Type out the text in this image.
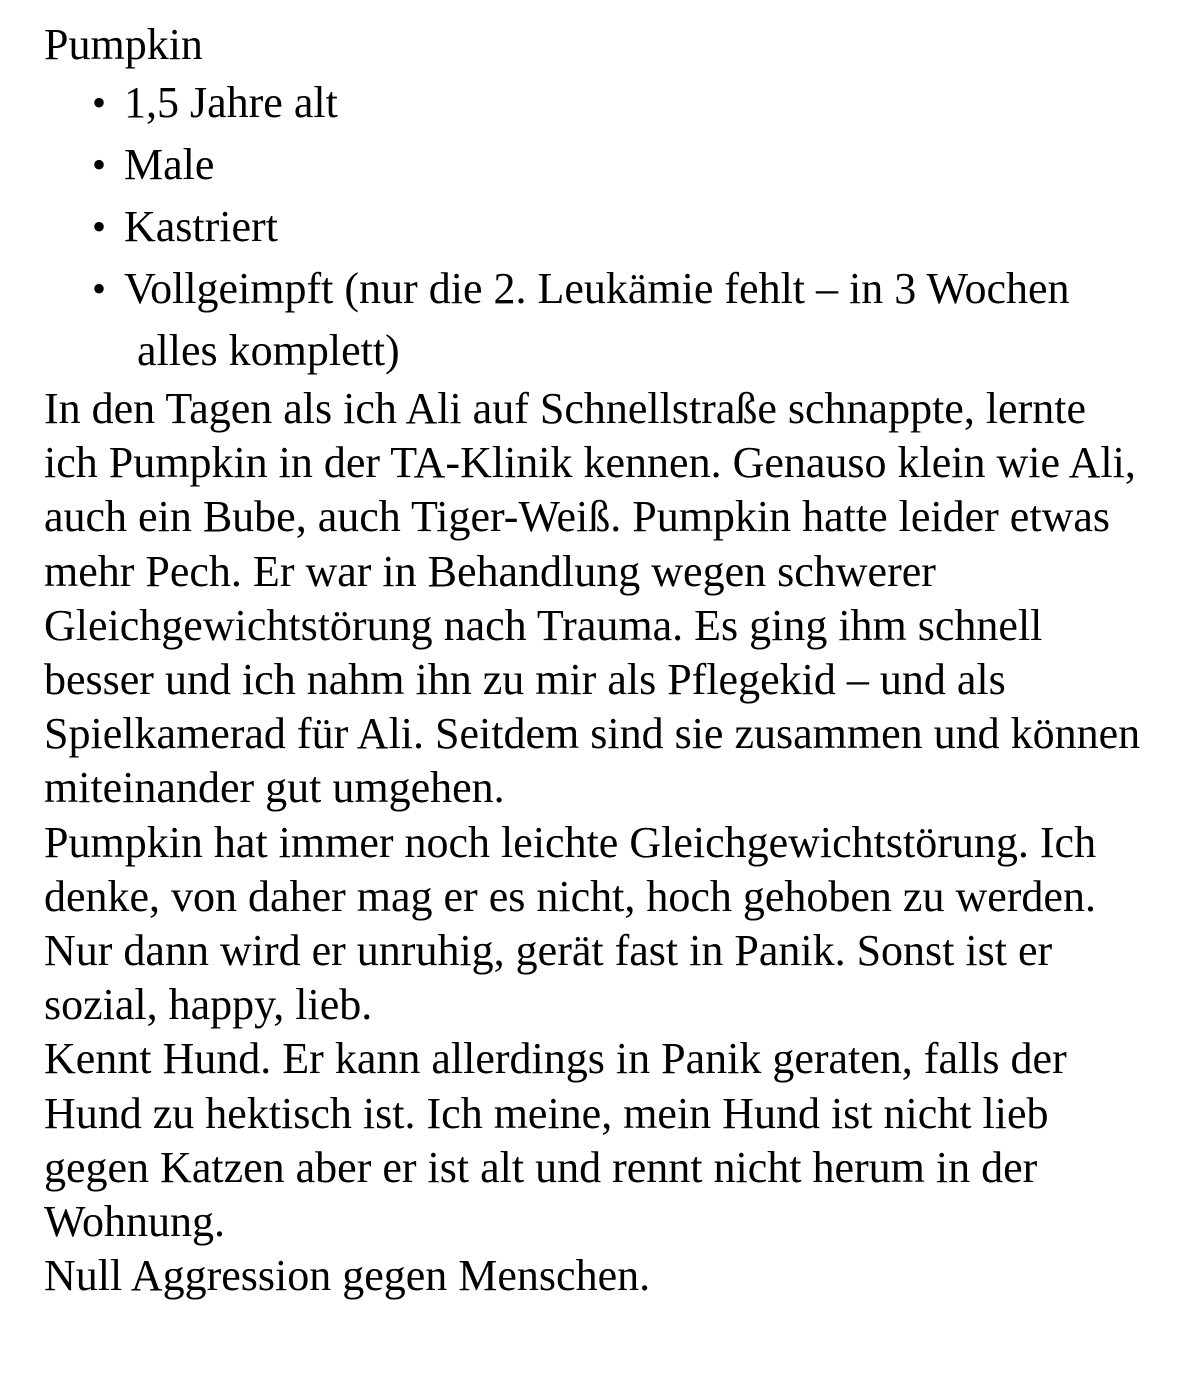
Pumpkin
• 1,5 Jahre alt
• Male
• Kastriert
• Vollgeimpft (nur die 2. Leukämie fehlt – in 3 Wochen
alles komplett)
In den Tagen als ich Ali auf Schnellstraße schnappte, lernte
ich Pumpkin in der TA-Klinik kennen. Genauso klein wie Ali,
auch ein Bube, auch Tiger-Weiß. Pumpkin hatte leider etwas
mehr Pech. Er war in Behandlung wegen schwerer
Gleichgewichtstörung nach Trauma. Es ging ihm schnell
besser und ich nahm ihn zu mir als Pflegekid – und als
Spielkamerad für Ali. Seitdem sind sie zusammen und können
miteinander gut umgehen.
Pumpkin hat immer noch leichte Gleichgewichtstörung. Ich
denke, von daher mag er es nicht, hoch gehoben zu werden.
Nur dann wird er unruhig, gerät fast in Panik. Sonst ist er
sozial, happy, lieb.
Kennt Hund. Er kann allerdings in Panik geraten, falls der
Hund zu hektisch ist. Ich meine, mein Hund ist nicht lieb
gegen Katzen aber er ist alt und rennt nicht herum in der
Wohnung.
Null Aggression gegen Menschen.
